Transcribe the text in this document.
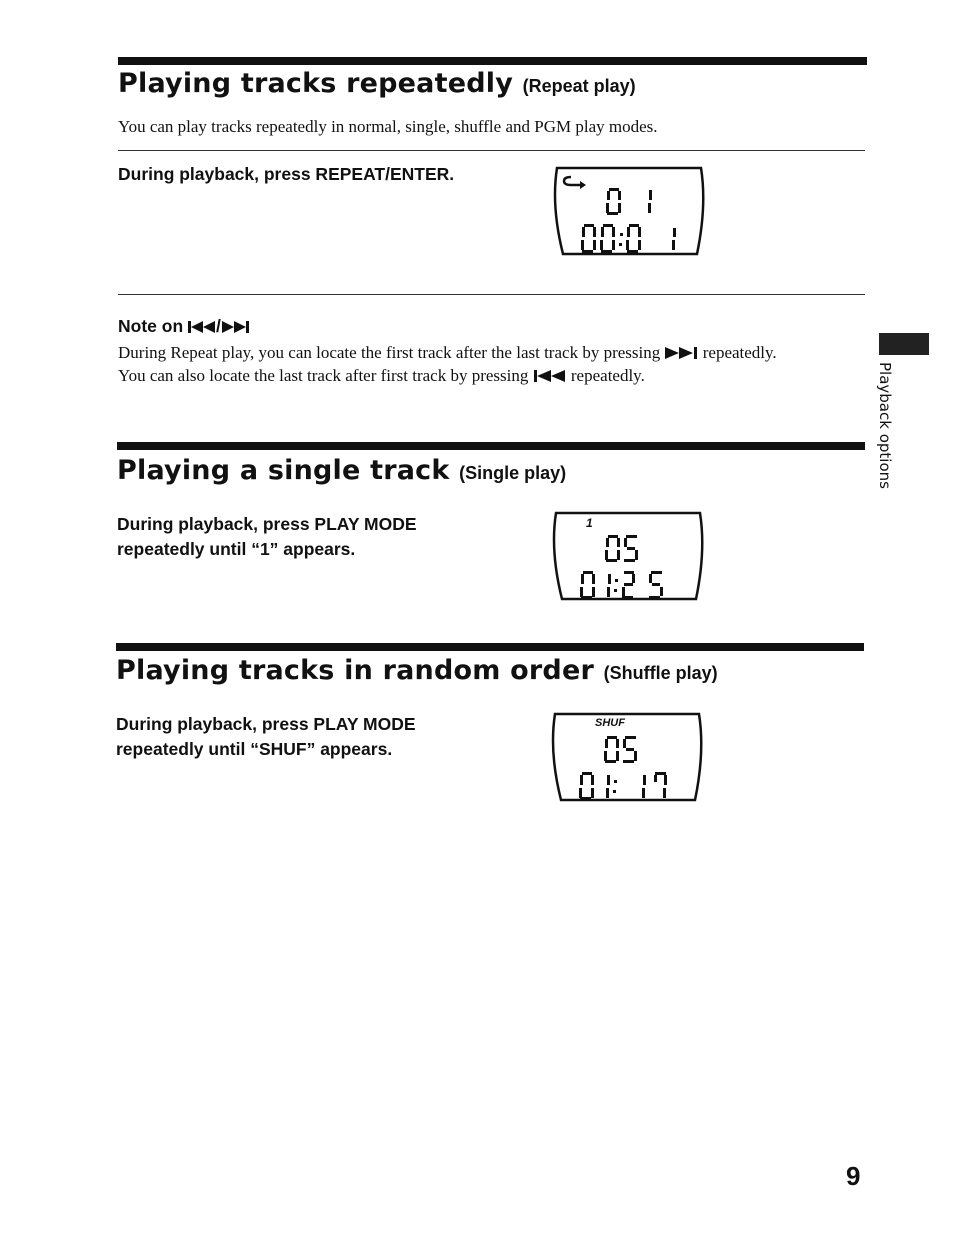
Playing tracks repeatedly (Repeat play)
You can play tracks repeatedly in normal, single, shuffle and PGM play modes.
During playback, press REPEAT/ENTER.
Note on /
During Repeat play, you can locate the first track after the last track by pressing	repeatedly.
You can also locate the last track after first track by pressing	repeatedly.	Playback options
Playing a single track (Single play)
During playback, press PLAY MODE
repeatedly until “1” appears.
1
Playing tracks in random order (Shuffle play)
During playback, press PLAY MODE
repeatedly until “SHUF” appears.
SHUF
9
